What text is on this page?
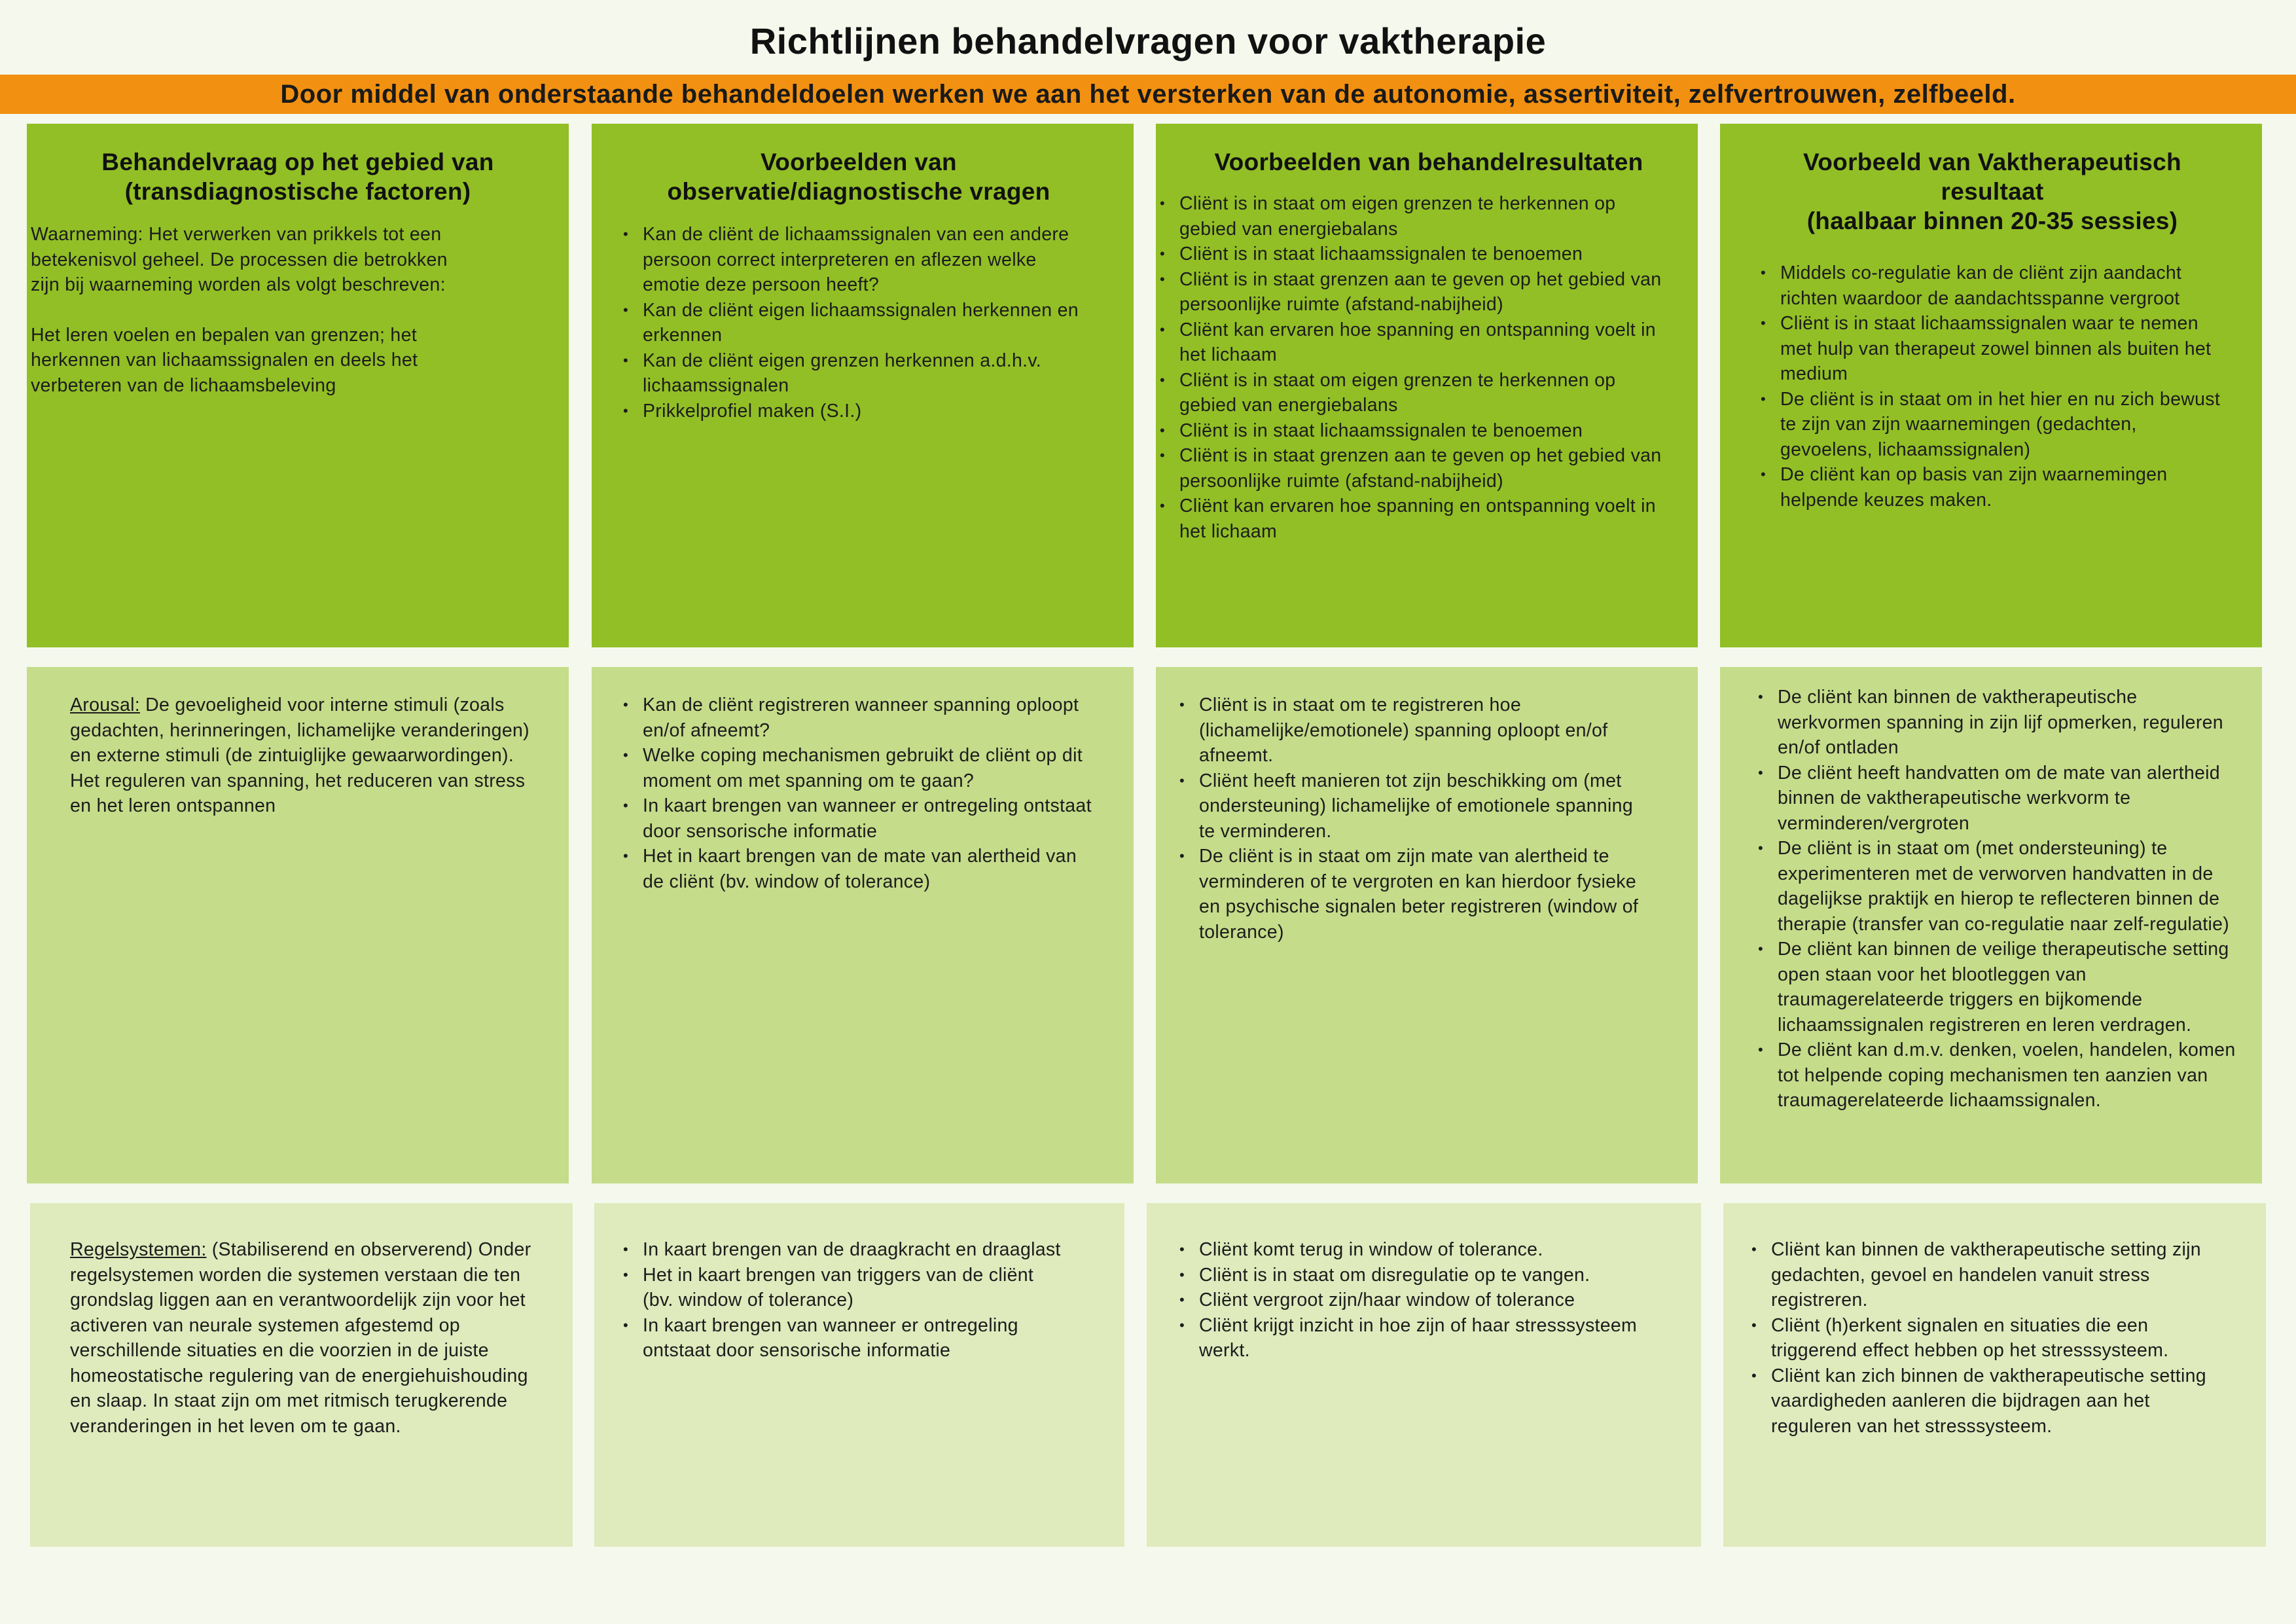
Richtlijnen behandelvragen voor vaktherapie
Door middel van onderstaande behandeldoelen werken we aan het versterken van de autonomie, assertiviteit, zelfvertrouwen, zelfbeeld.
Behandelvraag op het gebied van
(transdiagnostische factoren)

Waarneming: Het verwerken van prikkels tot een
betekenisvol geheel. De processen die betrokken
zijn bij waarneming worden als volgt beschreven:

Het leren voelen en bepalen van grenzen; het
herkennen van lichaamssignalen en deels het
verbeteren van de lichaamsbeleving

Voorbeelden van
observatie/diagnostische vragen
• Kan de cliënt de lichaamssignalen van een andere persoon correct interpreteren en aflezen welke emotie deze persoon heeft?
• Kan de cliënt eigen lichaamssignalen herkennen en erkennen
• Kan de cliënt eigen grenzen herkennen a.d.h.v. lichaamssignalen
• Prikkelprofiel maken (S.I.)
Voorbeelden van behandelresultaten
• Cliënt is in staat om eigen grenzen te herkennen op gebied van energiebalans
• Cliënt is in staat lichaamssignalen te benoemen
• Cliënt is in staat grenzen aan te geven op het gebied van persoonlijke ruimte (afstand-nabijheid)
• Cliënt kan ervaren hoe spanning en ontspanning voelt in het lichaam
• Cliënt is in staat om eigen grenzen te herkennen op gebied van energiebalans
• Cliënt is in staat lichaamssignalen te benoemen
• Cliënt is in staat grenzen aan te geven op het gebied van persoonlijke ruimte (afstand-nabijheid)
• Cliënt kan ervaren hoe spanning en ontspanning voelt in het lichaam
Voorbeeld van Vaktherapeutisch resultaat
(haalbaar binnen 20-35 sessies)
• Middels co-regulatie kan de cliënt zijn aandacht richten waardoor de aandachtsspanne vergroot
• Cliënt is in staat lichaamssignalen waar te nemen met hulp van therapeut zowel binnen als buiten het medium
• De cliënt is in staat om in het hier en nu zich bewust te zijn van zijn waarnemingen (gedachten, gevoelens, lichaamssignalen)
• De cliënt kan op basis van zijn waarnemingen helpende keuzes maken.

Arousal: De gevoeligheid voor interne stimuli (zoals gedachten, herinneringen, lichamelijke veranderingen) en externe stimuli (de zintuiglijke gewaarwordingen). Het reguleren van spanning, het reduceren van stress en het leren ontspannen

• Kan de cliënt registreren wanneer spanning oploopt en/of afneemt?
• Welke coping mechanismen gebruikt de cliënt op dit moment om met spanning om te gaan?
• In kaart brengen van wanneer er ontregeling ontstaat door sensorische informatie
• Het in kaart brengen van de mate van alertheid van de cliënt (bv. window of tolerance)
• Cliënt is in staat om te registreren hoe (lichamelijke/emotionele) spanning oploopt en/of afneemt.
• Cliënt heeft manieren tot zijn beschikking om (met ondersteuning) lichamelijke of emotionele spanning te verminderen.
• De cliënt is in staat om zijn mate van alertheid te verminderen of te vergroten en kan hierdoor fysieke en psychische signalen beter registreren (window of tolerance)
• De cliënt kan binnen de vaktherapeutische werkvormen spanning in zijn lijf opmerken, reguleren en/of ontladen
• De cliënt heeft handvatten om de mate van alertheid binnen de vaktherapeutische werkvorm te verminderen/vergroten
• De cliënt is in staat om (met ondersteuning) te experimenteren met de verworven handvatten in de dagelijkse praktijk en hierop te reflecteren binnen de therapie (transfer van co-regulatie naar zelf-regulatie)
• De cliënt kan binnen de veilige therapeutische setting open staan voor het blootleggen van traumagerelateerde triggers en bijkomende lichaamssignalen registreren en leren verdragen.
• De cliënt kan d.m.v. denken, voelen, handelen, komen tot helpende coping mechanismen ten aanzien van traumagerelateerde lichaamssignalen.

Regelsystemen: (Stabiliserend en observerend) Onder regelsystemen worden die systemen verstaan die ten grondslag liggen aan en verantwoordelijk zijn voor het activeren van neurale systemen afgestemd op verschillende situaties en die voorzien in de juiste homeostatische regulering van de energiehuishouding en slaap. In staat zijn om met ritmisch terugkerende veranderingen in het leven om te gaan.

• In kaart brengen van de draagkracht en draaglast
• Het in kaart brengen van triggers van de cliënt (bv. window of tolerance)
• In kaart brengen van wanneer er ontregeling ontstaat door sensorische informatie
• Cliënt komt terug in window of tolerance.
• Cliënt is in staat om disregulatie op te vangen.
• Cliënt vergroot zijn/haar window of tolerance
• Cliënt krijgt inzicht in hoe zijn of haar stresssysteem werkt.
• Cliënt kan binnen de vaktherapeutische setting zijn gedachten, gevoel en handelen vanuit stress registreren.
• Cliënt (h)erkent signalen en situaties die een triggerend effect hebben op het stresssysteem.
• Cliënt kan zich binnen de vaktherapeutische setting vaardigheden aanleren die bijdragen aan het reguleren van het stresssysteem.
